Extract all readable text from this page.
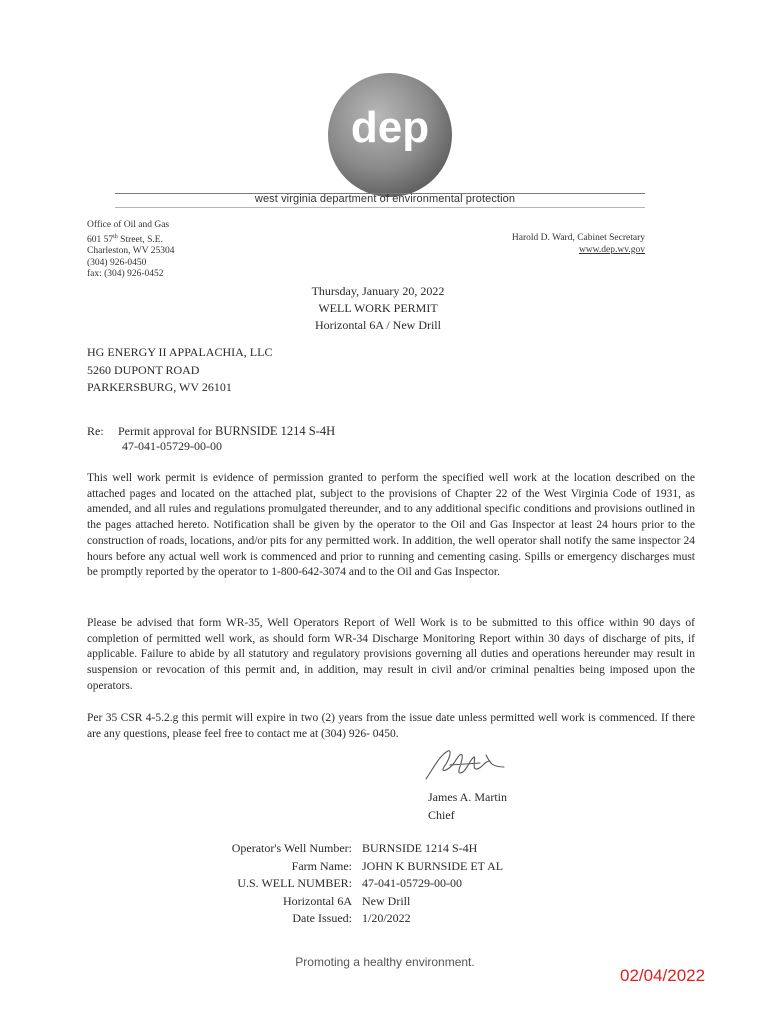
dep
west virginia department of environmental protection
Office of Oil and Gas
601 57th Street, S.E.
Charleston, WV 25304
(304) 926-0450
fax: (304) 926-0452
Harold D. Ward, Cabinet Secretary
www.dep.wv.gov
Thursday, January 20, 2022
WELL WORK PERMIT
Horizontal 6A / New Drill
HG ENERGY II APPALACHIA, LLC
5260 DUPONT ROAD
PARKERSBURG, WV 26101
Re: Permit approval for BURNSIDE 1214 S-4H
47-041-05729-00-00
This well work permit is evidence of permission granted to perform the specified well work at the location described on the attached pages and located on the attached plat, subject to the provisions of Chapter 22 of the West Virginia Code of 1931, as amended, and all rules and regulations promulgated thereunder, and to any additional specific conditions and provisions outlined in the pages attached hereto. Notification shall be given by the operator to the Oil and Gas Inspector at least 24 hours prior to the construction of roads, locations, and/or pits for any permitted work. In addition, the well operator shall notify the same inspector 24 hours before any actual well work is commenced and prior to running and cementing casing. Spills or emergency discharges must be promptly reported by the operator to 1-800-642-3074 and to the Oil and Gas Inspector.
Please be advised that form WR-35, Well Operators Report of Well Work is to be submitted to this office within 90 days of completion of permitted well work, as should form WR-34 Discharge Monitoring Report within 30 days of discharge of pits, if applicable. Failure to abide by all statutory and regulatory provisions governing all duties and operations hereunder may result in suspension or revocation of this permit and, in addition, may result in civil and/or criminal penalties being imposed upon the operators.
Per 35 CSR 4-5.2.g this permit will expire in two (2) years from the issue date unless permitted well work is commenced. If there are any questions, please feel free to contact me at (304) 926- 0450.
James A. Martin
Chief
Operator's Well Number: BURNSIDE 1214 S-4H
Farm Name: JOHN K BURNSIDE ET AL
U.S. WELL NUMBER: 47-041-05729-00-00
Horizontal 6A New Drill
Date Issued: 1/20/2022
Promoting a healthy environment.
02/04/2022
